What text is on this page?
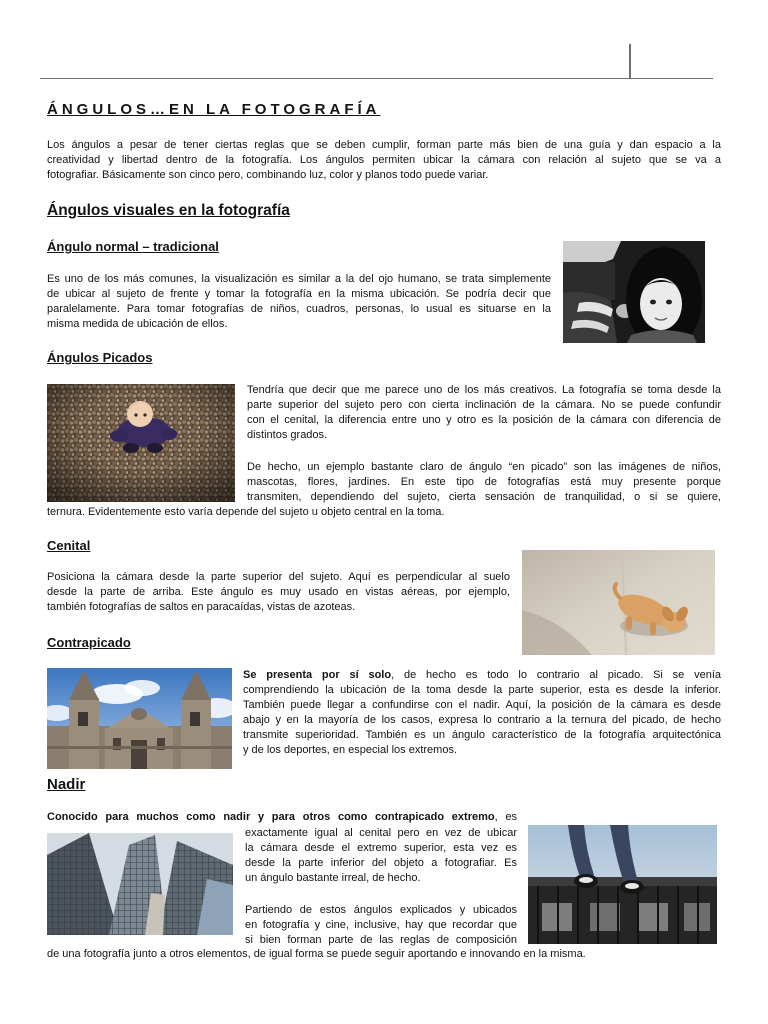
ÁNGULOS…EN LA FOTOGRAFÍA
Los ángulos a pesar de tener ciertas reglas que se deben cumplir, forman parte más bien de una guía y dan espacio a la
creatividad y libertad dentro de la fotografía. Los ángulos permiten ubicar la cámara con relación al sujeto que se va a
fotografiar. Básicamente son cinco pero, combinando luz, color y planos todo puede variar.
Ángulos visuales en la fotografía
Ángulo normal – tradicional
Es uno de los más comunes, la visualización es similar a la del ojo humano, se trata simplemente
de ubicar al sujeto de frente y tomar la fotografía en la misma ubicación. Se podría decir que
paralelamente. Para tomar fotografías de niños, cuadros, personas, lo usual es situarse en la
misma medida de ubicación de ellos.
Ángulos Picados
Tendría que decir que me parece uno de los más creativos. La fotografía se toma desde la
parte superior del sujeto pero con cierta inclinación de la cámara. No se puede confundir
con el cenital, la diferencia entre uno y otro es la posición de la cámara con diferencia de
distintos grados.
De hecho, un ejemplo bastante claro de ángulo “en picado” son las imágenes de niños,
mascotas, flores, jardines. En este tipo de fotografías está muy presente porque
transmiten, dependiendo del sujeto, cierta sensación de tranquilidad, o si se quiere,
ternura. Evidentemente esto varía depende del sujeto u objeto central en la toma.
Cenital
Posiciona la cámara desde la parte superior del sujeto. Aquí es perpendicular al suelo
desde la parte de arriba. Este ángulo es muy usado en vistas aéreas, por ejemplo,
también fotografías de saltos en paracaídas, vistas de azoteas.
Contrapicado
Se presenta por sí solo, de hecho es todo lo contrario al picado. Si se venía
comprendiendo la ubicación de la toma desde la parte superior, esta es desde la inferior.
También puede llegar a confundirse con el nadir. Aquí, la posición de la cámara es desde
abajo y en la mayoría de los casos, expresa lo contrario a la ternura del picado, de hecho
transmite superioridad. También es un ángulo característico de la fotografía arquitectónica
y de los deportes, en especial los extremos.
Nadir
Conocido para muchos como nadir y para otros como contrapicado extremo, es
exactamente igual al cenital pero en vez de ubicar
la cámara desde el extremo superior, esta vez es
desde la parte inferior del objeto a fotografiar. Es
un ángulo bastante irreal, de hecho.
Partiendo de estos ángulos explicados y ubicados
en fotografía y cine, inclusive, hay que recordar que
si bien forman parte de las reglas de composición
de una fotografía junto a otros elementos, de igual forma se puede seguir aportando e innovando en la misma.
